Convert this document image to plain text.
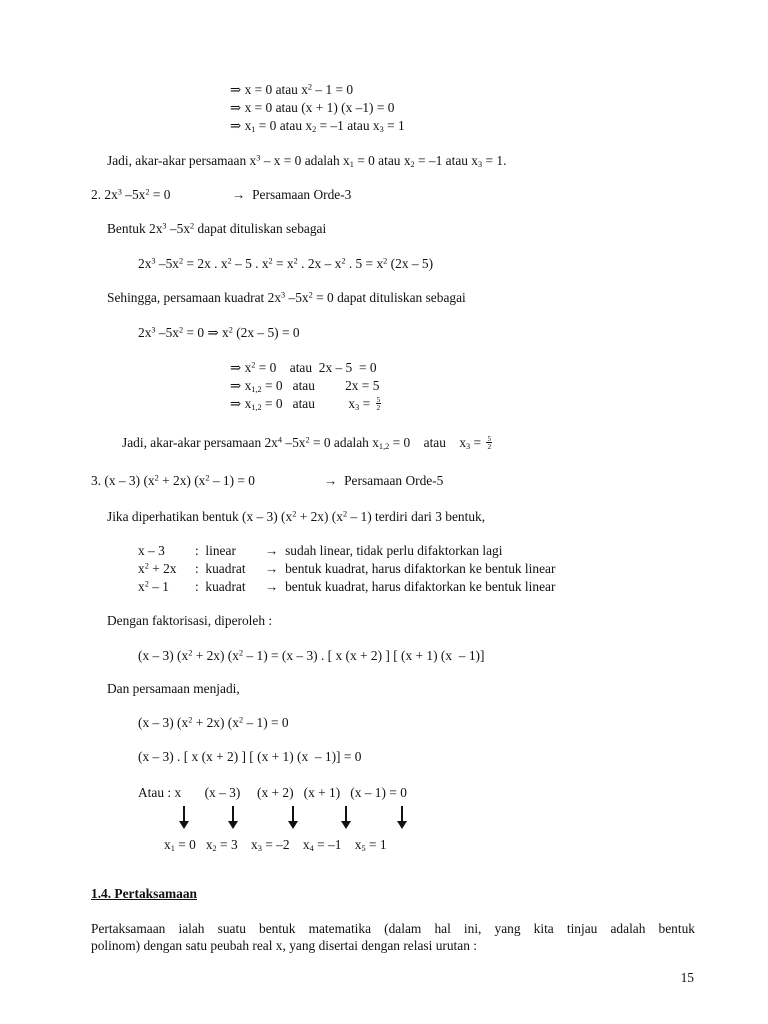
⇒ x = 0 atau $x^2 - 1 = 0$
⇒ x = 0 atau (x + 1) (x –1) = 0
⇒ $x_1 = 0$ atau $x_2 = -1$ atau $x_3 = 1$
Jadi, akar-akar persamaan $x^3 - x = 0$ adalah $x_1 = 0$ atau $x_2 = -1$ atau $x_3 = 1$.
2. $2x^3$ $-5x^2 = 0$	→ Persamaan Orde-3
Bentuk $2x^3$ $-5x^2$ dapat dituliskan sebagai
$2x^3$ $-5x^2 = 2x$ . $x^2 - 5$ . $x^2 = x^2$ . $2x - x^2$ . $5 = x^2$ (2x – 5)
Sehingga, persamaan kuadrat $2x^3$ $-5x^2 = 0$ dapat dituliskan sebagai
$2x^3$ $-5x^2 = 0$ ⇒ $x^2$ (2x – 5) = 0
⇒ $x^2 = 0$    atau  2x – 5  = 0
⇒ $x_{1,2} = 0$   atau         2x = 5
⇒ $x_{1,2} = 0$   atau          $x_3 = \frac{5}{2}$
Jadi, akar-akar persamaan $2x^4$ $-5x^2 = 0$ adalah $x_{1,2} = 0$    atau    $x_3 = \frac{5}{2}$
3. (x – 3) $(x^2 + 2x)$ $(x^2 - 1) = 0$	→ Persamaan Orde-5
Jika diperhatikan bentuk (x – 3) $(x^2 + 2x)$ $(x^2 - 1)$ terdiri dari 3 bentuk,
x – 3 :  linear → sudah linear, tidak perlu difaktorkan lagi
$x^2 + 2x$ :  kuadrat → bentuk kuadrat, harus difaktorkan ke bentuk linear
$x^2 - 1$ :  kuadrat → bentuk kuadrat, harus difaktorkan ke bentuk linear
Dengan faktorisasi, diperoleh :
(x – 3) $(x^2 + 2x)$ $(x^2 - 1) = (x - 3)$ . [ x (x + 2) ] [ (x + 1) (x  – 1)]
Dan persamaan menjadi,
(x – 3) $(x^2 + 2x)$ $(x^2 - 1) = 0$
(x – 3) . [ x (x + 2) ] [ (x + 1) (x  – 1)] = 0
Atau : x (x – 3) (x + 2) (x + 1) (x – 1) = 0
$x_1 = 0$   $x_2 = 3$    $x_3 = -2$    $x_4 = -1$    $x_5 = 1$
1.4. Pertaksamaan
Pertaksamaan ialah suatu bentuk matematika (dalam hal ini, yang kita tinjau adalah bentuk
polinom) dengan satu peubah real x, yang disertai dengan relasi urutan :
15
